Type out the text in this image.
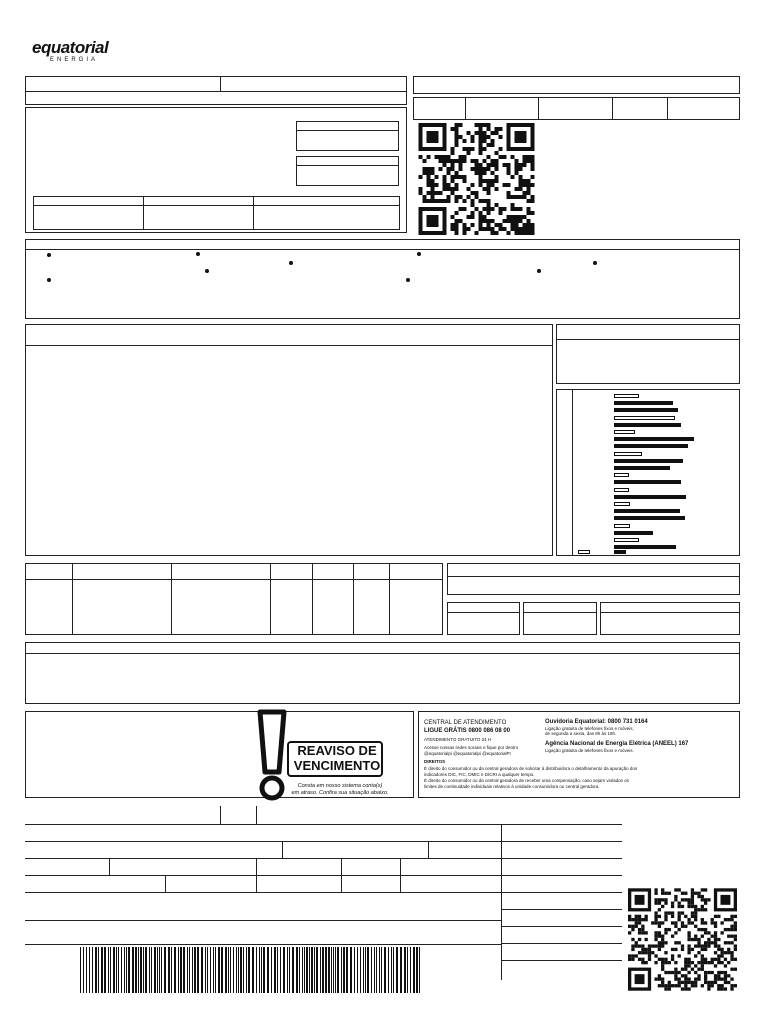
equatorial
ENERGIA
REAVISO DE
VENCIMENTO
Consta em nosso sistema conta(s)
em atraso. Confira sua situação abaixo.
CENTRAL DE ATENDIMENTO
LIGUE GRÁTIS 0800 086 08 00
ATENDIMENTO GRATUITO 24 H
Acesse nossas redes sociais e fique por dentro
@equatorialpi @equatorialpi @equatorialPI
Ouvidoria Equatorial: 0800 731 0164
Ligação gratuita de telefones fixos e móveis,
de segunda a sexta, das 8h às 18h.
Agência Nacional de Energia Elétrica (ANEEL) 167
Ligação gratuita de telefones fixos e móveis.
DIREITOS
É direito do consumidor ou da central geradora de solicitar à distribuidora o detalhamento da apuração dos
indicadores DIC, FIC, DMIC e DICRI a qualquer tempo.
É direito do consumidor ou da central geradora de receber uma compensação, caso sejam violados os
limites de continuidade individuais relativos à unidade consumidora ou central geradora.
